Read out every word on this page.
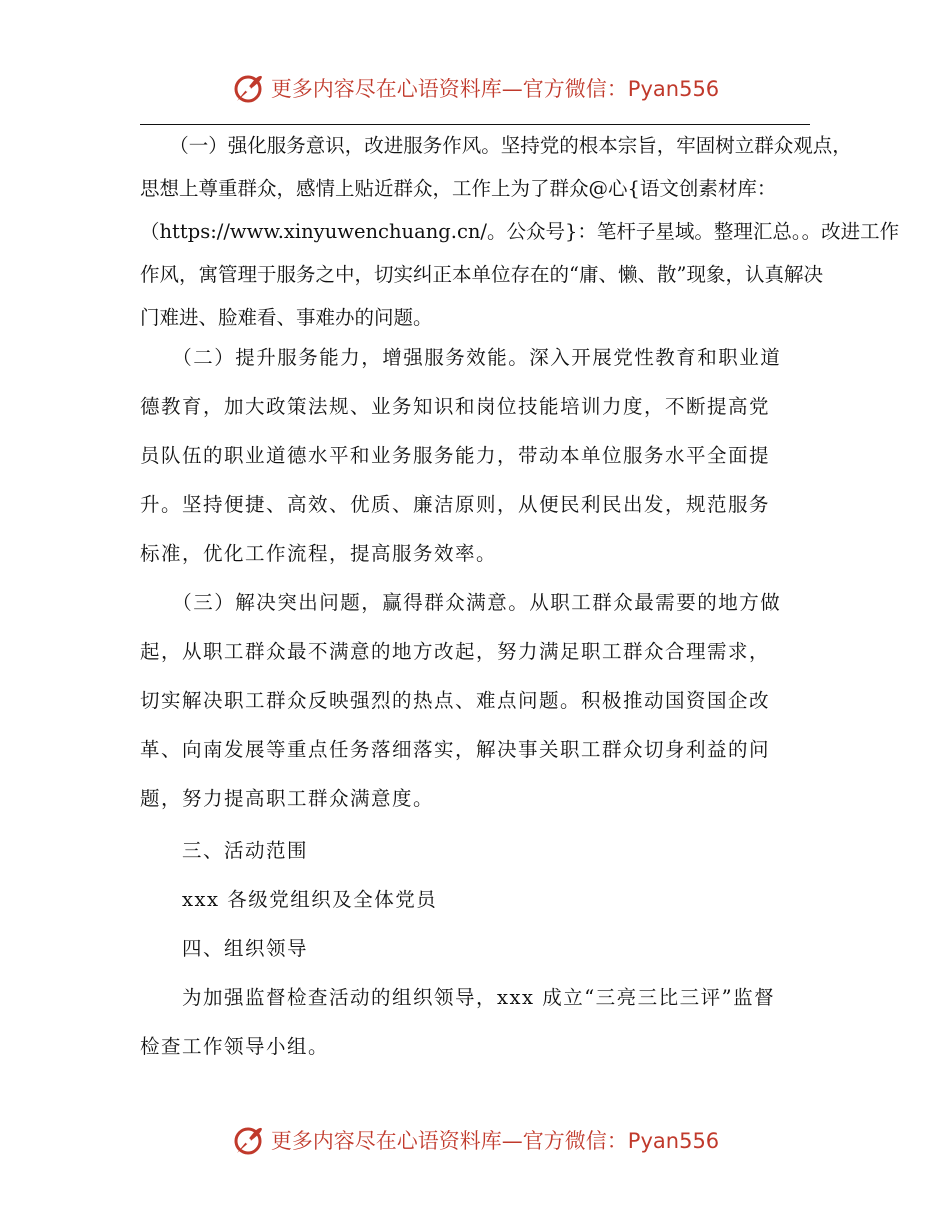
更多内容尽在心语资料库—官方微信：Pyan556
　　（一）强化服务意识，改进服务作风。坚持党的根本宗旨，牢固树立群众观点，
思想上尊重群众，感情上贴近群众，工作上为了群众@心{语文创素材库：
（https://www.xinyuwenchuang.cn/。公众号}：笔杆子星域。整理汇总。。改进工作
作风，寓管理于服务之中，切实纠正本单位存在的“庸、懒、散”现象，认真解决
门难进、脸难看、事难办的问题。
　　（二）提升服务能力，增强服务效能。深入开展党性教育和职业道
德教育，加大政策法规、业务知识和岗位技能培训力度，不断提高党
员队伍的职业道德水平和业务服务能力，带动本单位服务水平全面提
升。坚持便捷、高效、优质、廉洁原则，从便民利民出发，规范服务
标准，优化工作流程，提高服务效率。
　　（三）解决突出问题，赢得群众满意。从职工群众最需要的地方做
起，从职工群众最不满意的地方改起，努力满足职工群众合理需求，
切实解决职工群众反映强烈的热点、难点问题。积极推动国资国企改
革、向南发展等重点任务落细落实，解决事关职工群众切身利益的问
题，努力提高职工群众满意度。
　　三、活动范围
　　xxx 各级党组织及全体党员
　　四、组织领导
　　为加强监督检查活动的组织领导，xxx 成立“三亮三比三评”监督
检查工作领导小组。
更多内容尽在心语资料库—官方微信：Pyan556
